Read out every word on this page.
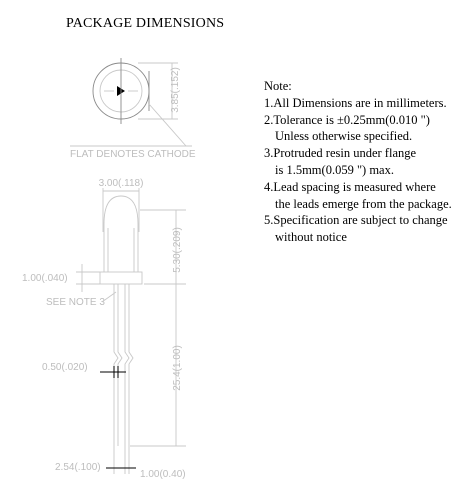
PACKAGE DIMENSIONS
3.85(.152)
FLAT DENOTES CATHODE
3.00(.118)
5.30(.209)
1.00(.040)
SEE NOTE 3
0.50(.020)	25.4(1.00)
2.54(.100)
1.00(0.40)
Note:
1.All Dimensions are in millimeters.
2.Tolerance is ±0.25mm(0.010 ")
Unless otherwise specified.
3.Protruded resin under flange
is 1.5mm(0.059 ") max.
4.Lead spacing is measured where
the leads emerge from the package.
5.Specification are subject to change
without notice
